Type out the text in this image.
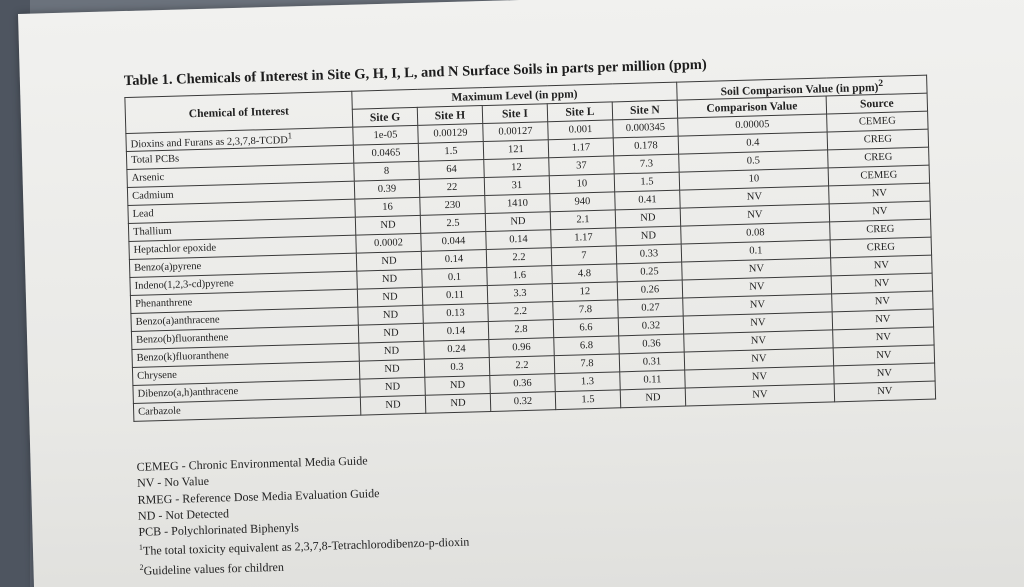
Table 1. Chemicals of Interest in Site G, H, I, L, and N Surface Soils in parts per million (ppm)
Chemical of Interest	Maximum Level (in ppm)					Soil Comparison Value (in ppm)$^2$
	Site G	Site H	Site I	Site L	Site N	Comparison Value	Source
Dioxins and Furans as 2,3,7,8-TCDD$^1$	1e-05	0.00129	0.00127	0.001	0.000345	0.00005	CEMEG
Total PCBs	0.0465	1.5	121	1.17	0.178	0.4	CREG
Arsenic	8	64	12	37	7.3	0.5	CREG
Cadmium	0.39	22	31	10	1.5	10	CEMEG
Lead	16	230	1410	940	0.41	NV	NV
Thallium	ND	2.5	ND	2.1	ND	NV	NV
Heptachlor epoxide	0.0002	0.044	0.14	1.17	ND	0.08	CREG
Benzo(a)pyrene	ND	0.14	2.2	7	0.33	0.1	CREG
Indeno(1,2,3-cd)pyrene	ND	0.1	1.6	4.8	0.25	NV	NV
Phenanthrene	ND	0.11	3.3	12	0.26	NV	NV
Benzo(a)anthracene	ND	0.13	2.2	7.8	0.27	NV	NV
Benzo(b)fluoranthene	ND	0.14	2.8	6.6	0.32	NV	NV
Benzo(k)fluoranthene	ND	0.24	0.96	6.8	0.36	NV	NV
Chrysene	ND	0.3	2.2	7.8	0.31	NV	NV
Dibenzo(a,h)anthracene	ND	ND	0.36	1.3	0.11	NV	NV
Carbazole	ND	ND	0.32	1.5	ND	NV	NV
CEMEG - Chronic Environmental Media Guide
NV - No Value
RMEG - Reference Dose Media Evaluation Guide
ND - Not Detected
PCB - Polychlorinated Biphenyls
$^1$The total toxicity equivalent as 2,3,7,8-Tetrachlorodibenzo-p-dioxin
$^2$Guideline values for children
